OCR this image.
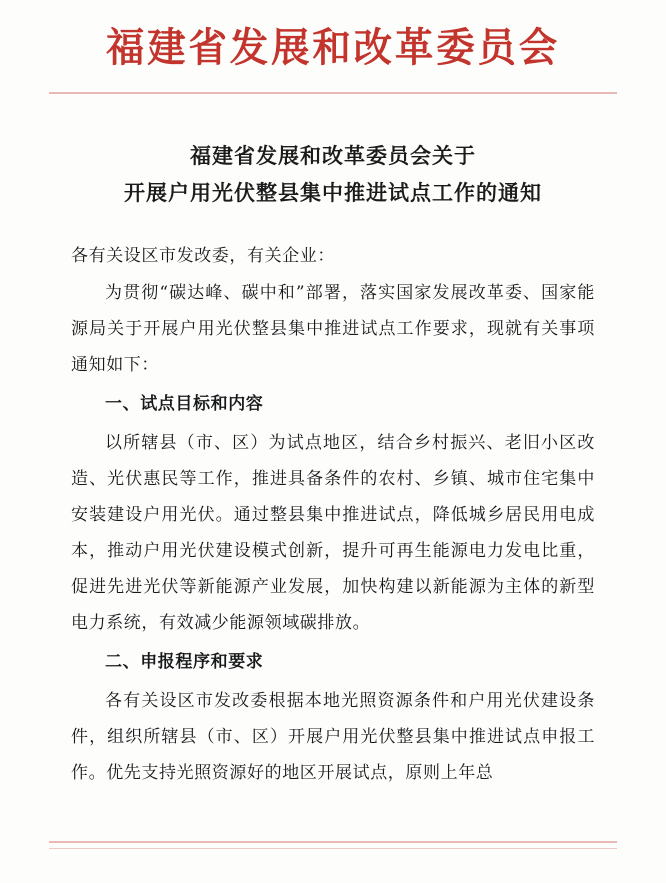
福建省发展和改革委员会
福建省发展和改革委员会关于
开展户用光伏整县集中推进试点工作的通知

各有关设区市发改委，有关企业：

为贯彻“碳达峰、碳中和”部署，落实国家发展改革委、国家能源局关于开展户用光伏整县集中推进试点工作要求，现就有关事项通知如下：

一、试点目标和内容

以所辖县（市、区）为试点地区，结合乡村振兴、老旧小区改造、光伏惠民等工作，推进具备条件的农村、乡镇、城市住宅集中安装建设户用光伏。通过整县集中推进试点，降低城乡居民用电成本，推动户用光伏建设模式创新，提升可再生能源电力发电比重，促进先进光伏等新能源产业发展，加快构建以新能源为主体的新型电力系统，有效减少能源领域碳排放。

二、申报程序和要求

各有关设区市发改委根据本地光照资源条件和户用光伏建设条件，组织所辖县（市、区）开展户用光伏整县集中推进试点申报工作。优先支持光照资源好的地区开展试点，原则上年总
